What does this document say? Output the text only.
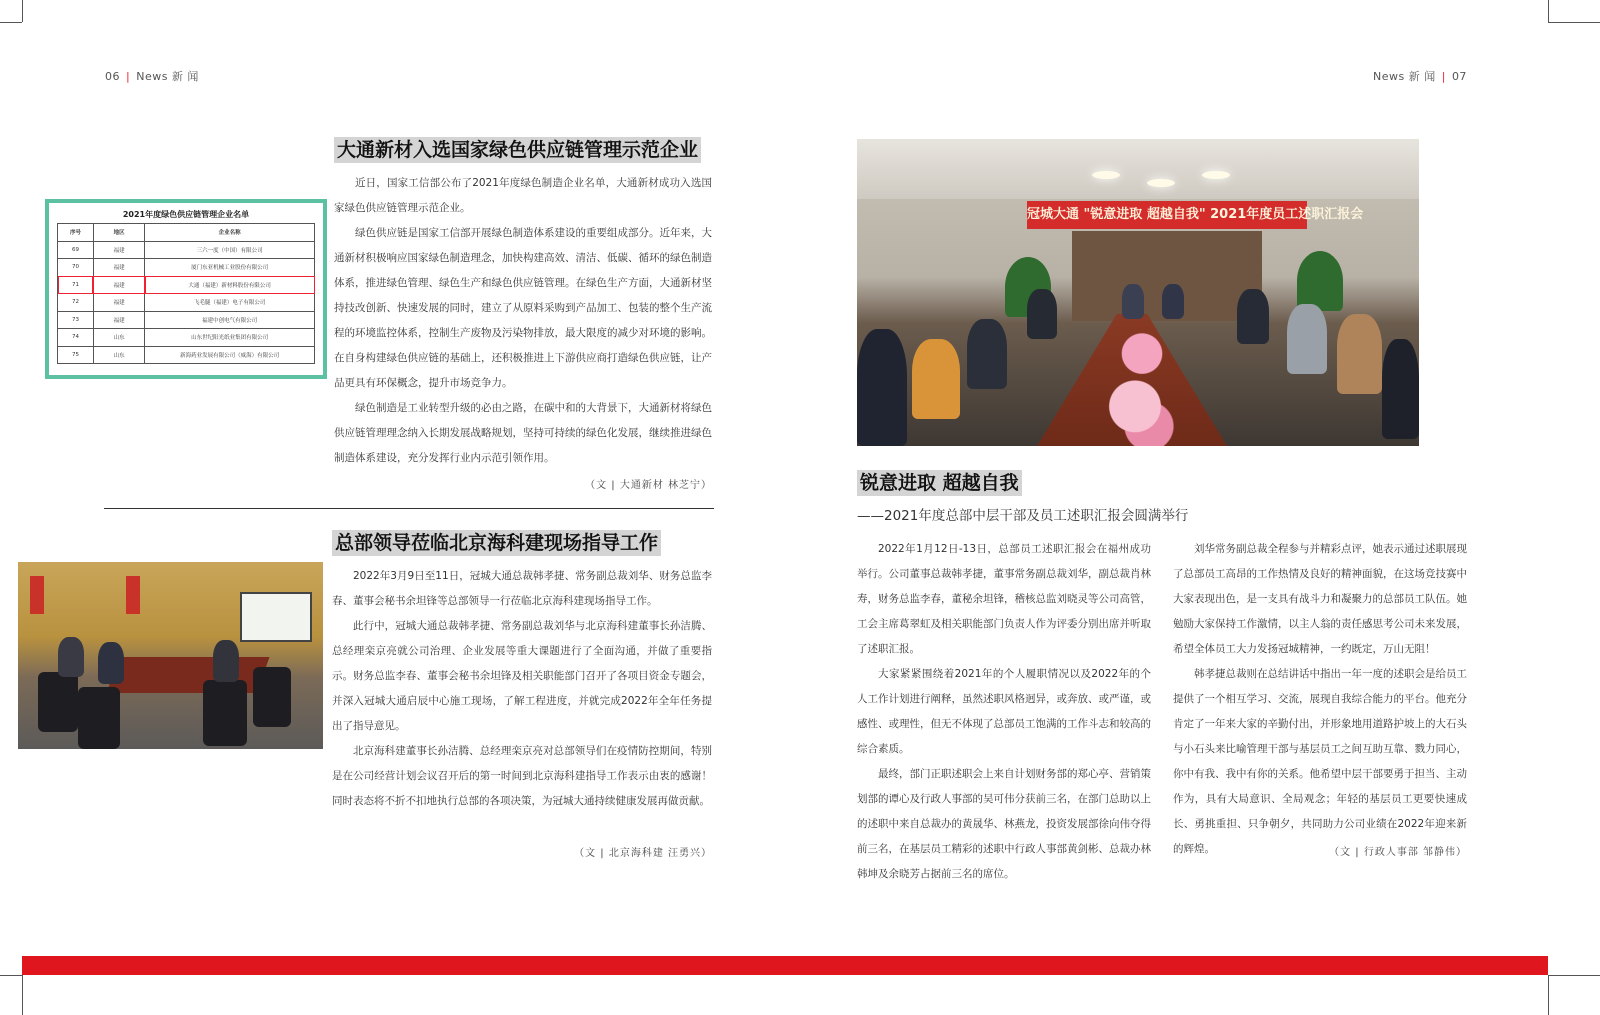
06 | News 新 闻	News 新 闻 | 07
大通新材入选国家绿色供应链管理示范企业
2021年度绿色供应链管理企业名单
序号	地区	企业名称
69	福建	三六一度（中国）有限公司
70	福建	厦门东亚机械工业股份有限公司
71	福建	大通（福建）新材料股份有限公司
72	福建	飞毛腿（福建）电子有限公司
73	福建	福建中创电气有限公司
74	山东	山东世纪阳光纸业集团有限公司
75	山东	新海药业发展有限公司（威海）有限公司

近日，国家工信部公布了2021年度绿色制造企业名单，大通新材成功入选国家绿色供应链管理示范企业。

绿色供应链是国家工信部开展绿色制造体系建设的重要组成部分。近年来，大通新材积极响应国家绿色制造理念，加快构建高效、清洁、低碳、循环的绿色制造体系，推进绿色管理、绿色生产和绿色供应链管理。在绿色生产方面，大通新材坚持技改创新、快速发展的同时，建立了从原料采购到产品加工、包装的整个生产流程的环境监控体系，控制生产废物及污染物排放，最大限度的减少对环境的影响。在自身构建绿色供应链的基础上，还积极推进上下游供应商打造绿色供应链，让产品更具有环保概念，提升市场竞争力。

绿色制造是工业转型升级的必由之路，在碳中和的大背景下，大通新材将绿色供应链管理理念纳入长期发展战略规划，坚持可持续的绿色化发展，继续推进绿色制造体系建设，充分发挥行业内示范引领作用。

（文 | 大通新材 林芝宁）
总部领导莅临北京海科建现场指导工作

2022年3月9日至11日，冠城大通总裁韩孝捷、常务副总裁刘华、财务总监李春、董事会秘书余坦锋等总部领导一行莅临北京海科建现场指导工作。

此行中，冠城大通总裁韩孝捷、常务副总裁刘华与北京海科建董事长孙洁腾、总经理栾京亮就公司治理、企业发展等重大课题进行了全面沟通，并做了重要指示。财务总监李春、董事会秘书余坦锋及相关职能部门召开了各项目资金专题会，并深入冠城大通启辰中心施工现场，了解工程进度，并就完成2022年全年任务提出了指导意见。

北京海科建董事长孙洁腾、总经理栾京亮对总部领导们在疫情防控期间，特别是在公司经营计划会议召开后的第一时间到北京海科建指导工作表示由衷的感谢！同时表态将不折不扣地执行总部的各项决策，为冠城大通持续健康发展再做贡献。

（文 | 北京海科建 汪勇兴）
冠城大通 "锐意进取 超越自我" 2021年度员工述职汇报会
锐意进取 超越自我
——2021年度总部中层干部及员工述职汇报会圆满举行

2022年1月12日-13日，总部员工述职汇报会在福州成功举行。公司董事总裁韩孝捷，董事常务副总裁刘华，副总裁肖林寿，财务总监李春，董秘余坦锋，稽核总监刘晓灵等公司高管，工会主席葛翠虹及相关职能部门负责人作为评委分别出席并听取了述职汇报。

大家紧紧围绕着2021年的个人履职情况以及2022年的个人工作计划进行阐释，虽然述职风格迥异，或奔放、或严谨，或感性、或理性，但无不体现了总部员工饱满的工作斗志和较高的综合素质。

最终，部门正职述职会上来自计划财务部的郑心亭、营销策划部的谭心及行政人事部的吴可伟分获前三名，在部门总助以上的述职中来自总裁办的黄晟华、林燕龙，投资发展部徐向伟夺得前三名，在基层员工精彩的述职中行政人事部黄剑彬、总裁办林韩坤及余晓芳占据前三名的席位。

刘华常务副总裁全程参与并精彩点评，她表示通过述职展现了总部员工高昂的工作热情及良好的精神面貌，在这场竞技赛中大家表现出色，是一支具有战斗力和凝聚力的总部员工队伍。她勉励大家保持工作激情，以主人翁的责任感思考公司未来发展，希望全体员工大力发扬冠城精神，一约既定，万山无阻！

韩孝捷总裁则在总结讲话中指出一年一度的述职会是给员工提供了一个相互学习、交流，展现自我综合能力的平台。他充分肯定了一年来大家的辛勤付出，并形象地用道路护坡上的大石头与小石头来比喻管理干部与基层员工之间互助互靠、戮力同心，你中有我、我中有你的关系。他希望中层干部要勇于担当、主动作为，具有大局意识、全局观念；年轻的基层员工更要快速成长、勇挑重担、只争朝夕，共同助力公司业绩在2022年迎来新的辉煌。	（文 | 行政人事部 邹静伟）
